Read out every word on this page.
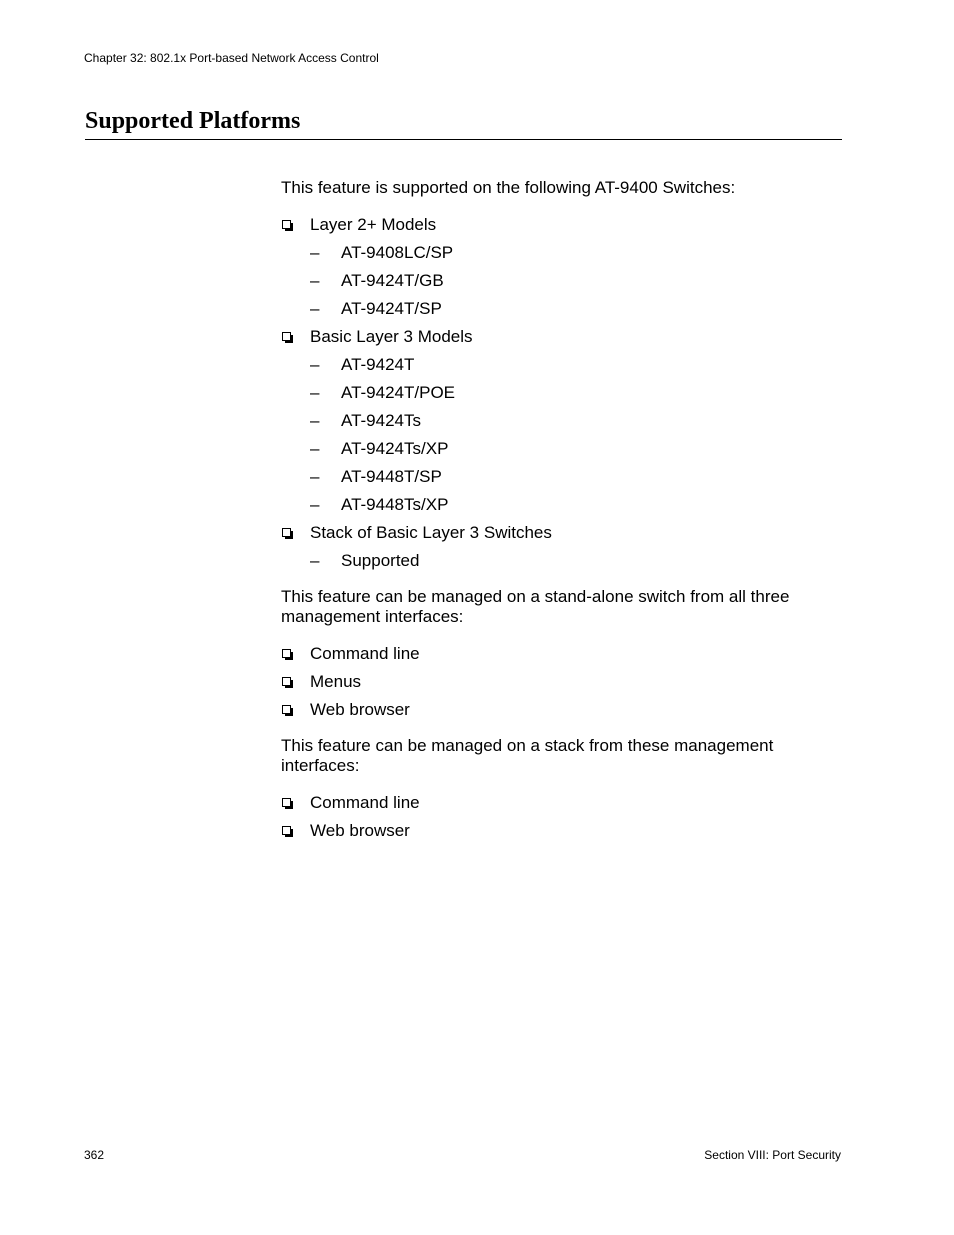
Chapter 32: 802.1x Port-based Network Access Control
Supported Platforms

This feature is supported on the following AT-9400 Switches:

Layer 2+ Models
– AT-9408LC/SP
– AT-9424T/GB
– AT-9424T/SP
Basic Layer 3 Models
– AT-9424T
– AT-9424T/POE
– AT-9424Ts
– AT-9424Ts/XP
– AT-9448T/SP
– AT-9448Ts/XP
Stack of Basic Layer 3 Switches
– Supported

This feature can be managed on a stand-alone switch from all three management interfaces:

Command line
Menus
Web browser

This feature can be managed on a stack from these management interfaces:

Command line
Web browser
362	Section VIII: Port Security
